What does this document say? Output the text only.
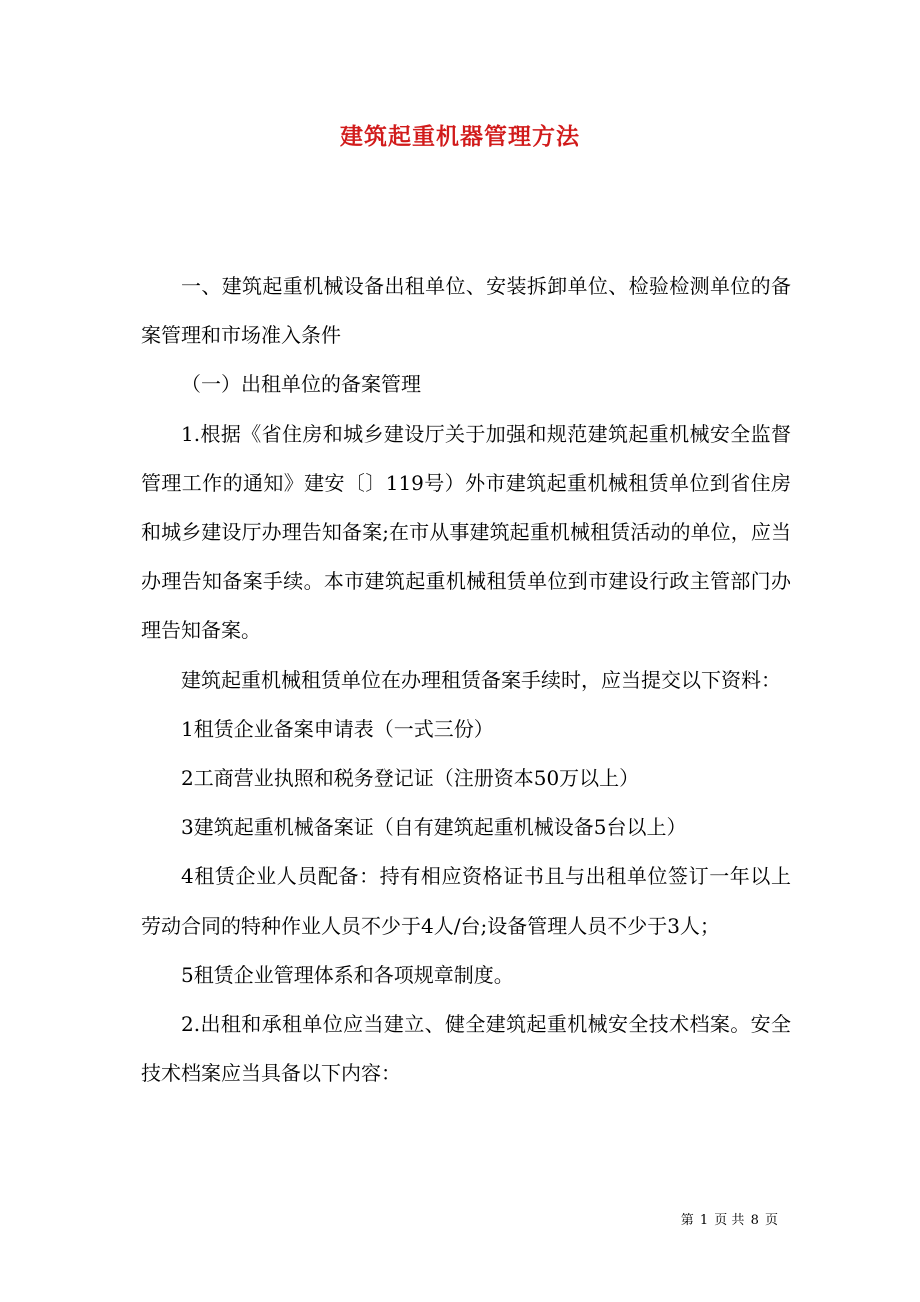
建筑起重机器管理方法

一、建筑起重机械设备出租单位、安装拆卸单位、检验检测单位的备案管理和市场准入条件

（一）出租单位的备案管理

1.根据《省住房和城乡建设厅关于加强和规范建筑起重机械安全监督管理工作的通知》建安〔〕119号）外市建筑起重机械租赁单位到省住房和城乡建设厅办理告知备案;在市从事建筑起重机械租赁活动的单位，应当办理告知备案手续。本市建筑起重机械租赁单位到市建设行政主管部门办理告知备案。

建筑起重机械租赁单位在办理租赁备案手续时，应当提交以下资料：

1租赁企业备案申请表（一式三份）

2工商营业执照和税务登记证（注册资本50万以上）

3建筑起重机械备案证（自有建筑起重机械设备5台以上）

4租赁企业人员配备：持有相应资格证书且与出租单位签订一年以上劳动合同的特种作业人员不少于4人/台;设备管理人员不少于3人；

5租赁企业管理体系和各项规章制度。

2.出租和承租单位应当建立、健全建筑起重机械安全技术档案。安全技术档案应当具备以下内容：

第 1 页 共 8 页
